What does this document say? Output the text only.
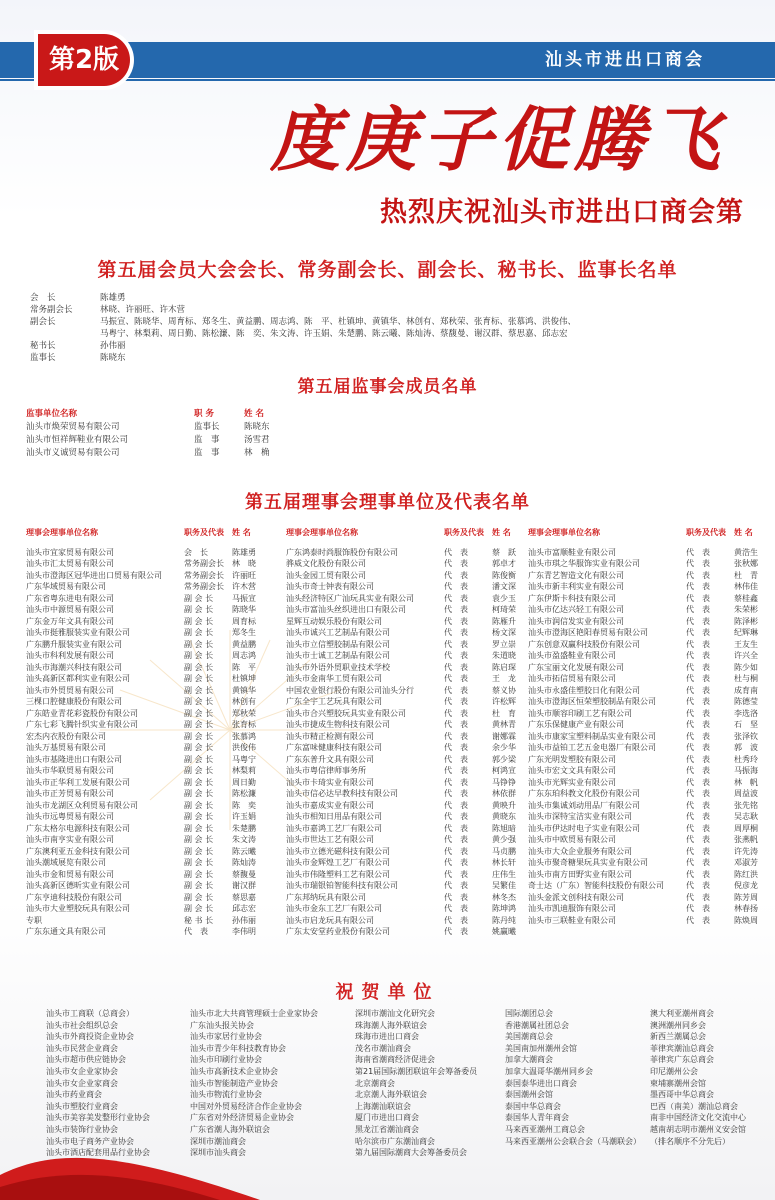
第2版	汕头市进出口商会
度庚子促腾飞
热烈庆祝汕头市进出口商会第
第五届会员大会会长、常务副会长、副会长、秘书长、监事长名单
会　长	陈雄勇
常务副会长	林晓、许丽旺、许木营
副会长	马振宣、陈晓华、周育标、郑冬生、黄益鹏、周志鸿、陈　平、杜镇坤、黄镇华、林创有、郑秋荣、张育标、张慕鸿、洪俊伟、
马粤宁、林梨莉、周日勤、陈松濂、陈　奕、朱文涛、许玉娟、朱楚鹏、陈云曦、陈灿涛、蔡馥曼、谢汉群、蔡思嘉、邱志宏
秘书长	孙伟丽
监事长	陈晓东
第五届监事会成员名单
监事单位名称	职 务	姓 名
汕头市焕荣贸易有限公司	监事长	陈晓东
汕头市恒祥辉鞋业有限公司	监　事	汤雪君
汕头市义诚贸易有限公司	监　事	林　桷
第五届理事会理事单位及代表名单
理事会理事单位名称	职务及代表	姓 名
汕头市宜家贸易有限公司	会　长	陈雄勇
汕头市汇太贸易有限公司	常务副会长	林　晓
汕头市澄海区冠华进出口贸易有限公司	常务副会长	许丽旺
广东华域贸易有限公司	常务副会长	许木营
广东省粤东进电有限公司	副 会 长	马振宣
汕头市中源贸易有限公司	副 会 长	陈晓华
广东金万年文具有限公司	副 会 长	周育标
汕头市挺雅服装实业有限公司	副 会 长	郑冬生
广东鹏升服装实业有限公司	副 会 长	黄益鹏
汕头市科利发展有限公司	副 会 长	周志鸿
汕头市海潮兴科技有限公司	副 会 长	陈　平
汕头高新区都利实业有限公司	副 会 长	杜镇坤
汕头市外贸贸易有限公司	副 会 长	黄镇华
三棵口腔健康股份有限公司	副 会 长	林创有
广东皓业青花彩瓷股份有限公司	副 会 长	郑秋荣
广东七彩飞腾针织实业有限公司	副 会 长	张育标
宏杰内衣股份有限公司	副 会 长	张慕鸿
汕头万基贸易有限公司	副 会 长	洪俊伟
汕头市基隆进出口有限公司	副 会 长	马粤宁
汕头市华联贸易有限公司	副 会 长	林梨莉
汕头市正华利工发展有限公司	副 会 长	周日勤
汕头市正芳贸易有限公司	副 会 长	陈松濂
汕头市龙湖区众利贸易有限公司	副 会 长	陈　奕
汕头市远粤贸易有限公司	副 会 长	许玉娟
广东太格尔电源科技有限公司	副 会 长	朱楚鹏
汕头市南亨实业有限公司	副 会 长	朱文涛
广东澳利亚五金科技有限公司	副 会 长	陈云曦
汕头潮域展览有限公司	副 会 长	陈灿涛
汕头市金和贸易有限公司	副 会 长	蔡馥曼
汕头高新区德昕实业有限公司	副 会 长	谢汉群
广东亨迪科技股份有限公司	副 会 长	蔡思嘉
汕头市大业塑胶玩具有限公司	副 会 长	邱志宏
专职	秘 书 长	孙伟丽
广东东通文具有限公司	代　表	李伟明
理事会理事单位名称	职务及代表	姓 名
广东鸿泰时尚服饰股份有限公司	代　表	蔡　跃
骅威文化股份有限公司	代　表	郭卓才
汕头金园工贸有限公司	代　表	陈俊衡
汕头市奇士钟表有限公司	代　表	潘文深
汕头经济特区广汕玩具实业有限公司	代　表	袁少玉
汕头市富汕头丝织进出口有限公司	代　表	柯琦荣
星辉互动娱乐股份有限公司	代　表	陈雁升
汕头市诚兴工艺制品有限公司	代　表	杨文深
汕头市立信塑胶制品有限公司	代　表	罗立崇
汕头市士诚工艺制品有限公司	代　表	朱道晓
汕头市外语外贸职业技术学校	代　表	陈启琛
汕头市金南华工贸有限公司	代　表	王　龙
中国农业银行股份有限公司汕头分行	代　表	蔡义协
广东全宇工艺玩具有限公司	代　表	许松辉
汕头市合兴塑胶玩具实业有限公司	代　表	杜　育
汕头市捷成生物科技有限公司	代　表	黄林青
汕头市精正检测有限公司	代　表	谢娜霖
广东富味健康科技有限公司	代　表	余少华
广东东普升文具有限公司	代　表	郭少梁
汕头市粤信律师事务所	代　表	柯鸿宣
汕头市卡琦实业有限公司	代　表	马铮铮
汕头市信必达早教科技有限公司	代　表	林依群
汕头市嘉成实业有限公司	代　表	黄映升
汕头市相知日用品有限公司	代　表	黄晓东
汕头市嘉鸿工艺厂有限公司	代　表	陈旭暗
汕头市世达工艺有限公司	代　表	黄少强
汕头市立德光磁科技有限公司	代　表	马贞鹏
汕头市金辉煌工艺厂有限公司	代　表	林长轩
汕头市伟隆塑料工艺有限公司	代　表	庄伟生
汕头市瑞银铂智能科技有限公司	代　表	吴繁佳
广东邦纳玩具有限公司	代　表	林冬杰
汕头市金东工艺厂有限公司	代　表	陈坤鸿
汕头市启龙玩具有限公司	代　表	陈丹纯
广东太安堂药业股份有限公司	代　表	姚赢曦
理事会理事单位名称	职务及代表	姓 名
汕头市富顺鞋业有限公司	代　表	黄浩生
汕头市琪之华服饰实业有限公司	代　表	张秋娜
广东青艺智造文化有限公司	代　表	杜　青
汕头市新丰利实业有限公司	代　表	林伟佳
广东伊斯卡科技有限公司	代　表	蔡桂鑫
汕头市亿达兴轻工有限公司	代　表	朱荣彬
汕头市润信发实业有限公司	代　表	陈泽彬
汕头市澄海区艳阳春贸易有限公司	代　表	纪辉琳
广东创意双赢科技股份有限公司	代　表	王友生
汕头市盈盛鞋业有限公司	代　表	许兴全
广东宝丽文化发展有限公司	代　表	陈少如
汕头市拓信贸易有限公司	代　表	杜与桐
汕头市永盛佳塑胶日化有限公司	代　表	成育南
汕头市澄海区恒荣塑胶制品有限公司	代　表	陈德莹
汕头市顺容印刷工艺有限公司	代　表	李选洛
广东乐保健康产业有限公司	代　表	石　坚
汕头市康家宝塑料制品实业有限公司	代　表	张泽钦
汕头市益铂工艺五金电器厂有限公司	代　表	郭　波
广东光明发塑胶有限公司	代　表	杜秀玲
汕头市宏文文具有限公司	代　表	马振海
汕头市光辉实业有限公司	代　表	林　帆
广东东珀科教文化股份有限公司	代　表	周益波
汕头市集诚刘动用品厂有限公司	代　表	张先铭
汕头市深特宝洁实业有限公司	代　表	吴志耿
汕头市伊达时电子实业有限公司	代　表	周厚桐
汕头市中欧贸易有限公司	代　表	张燕帆
汕头市大众企业服务有限公司	代　表	许先涛
汕头市聚奇糖果玩具实业有限公司	代　表	邓淑芳
汕头市南方田野实业有限公司	代　表	陈红洪
奇士达（广东）智能科技股份有限公司	代　表	倪彦龙
汕头金派文创科技有限公司	代　表	陈芳周
汕头市凯迪服饰有限公司	代　表	林春扬
汕头市三联鞋业有限公司	代　表	陈焕周
祝贺单位
汕头市工商联（总商会）
汕头市社会组织总会
汕头市外商投资企业协会
汕头市民营企业商会
汕头市超市供应链协会
汕头市女企业家协会
汕头市女企业家商会
汕头市药业商会
汕头市塑胶行业商会
汕头市美容美发整形行业协会
汕头市装饰行业协会
汕头市电子商务产业协会
汕头市酒店配套用品行业协会
汕头市北大共商管理硕士企业家协会
广东汕头报关协会
汕头市家居行业协会
汕头市青少年科技教育协会
汕头市印刷行业协会
汕头市高新技术企业协会
汕头市智能制造产业协会
汕头市物流行业协会
中国对外贸易经济合作企业协会
广东省对外经济贸易企业协会
广东省潮人海外联谊会
深圳市潮汕商会
深圳市汕头商会
深圳市潮汕文化研究会
珠海潮人海外联谊会
珠海市进出口商会
茂名市潮汕商会
海南省潮商经济促进会
第21届国际潮团联谊年会筹备委员
北京潮商会
北京潮人海外联谊会
上海潮汕联谊会
厦门市进出口商会
黑龙江省潮汕商会
哈尔滨市广东潮汕商会
第九届国际潮商大会筹备委员会
国际潮团总会
香港潮属社团总会
美国潮商总会
美国南加州潮州会馆
加拿大潮商会
加拿大温哥华潮州同乡会
泰国泰华进出口商会
泰国潮州会馆
泰国中华总商会
泰国华人青年商会
马来西亚潮州工商总会
马来西亚潮州公会联合会（马潮联会）
澳大利亚潮州商会
澳洲潮州同乡会
新西兰潮属总会
菲律宾潮汕总商会
菲律宾广东总商会
印尼潮州公会
柬埔寨潮州会馆
墨西哥中华总商会
巴西（南美）潮汕总商会
南非中国经济文化交流中心
越南胡志明市潮州义安会馆
（排名顺序不分先后）
